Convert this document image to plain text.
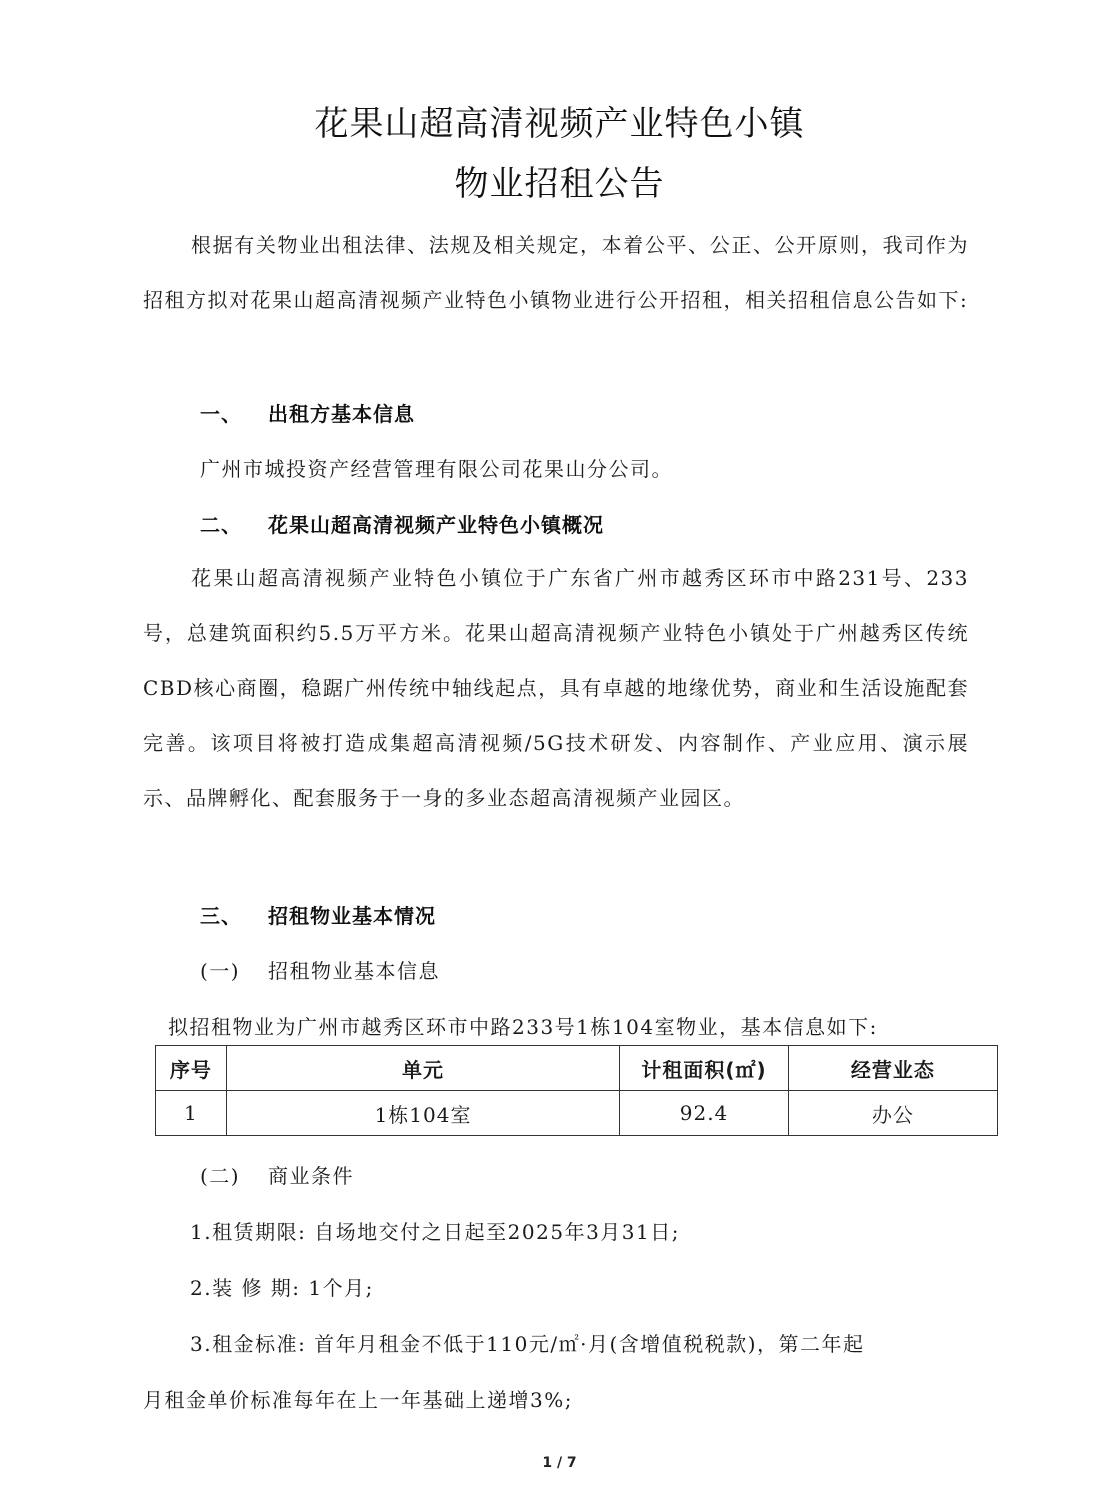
花果山超高清视频产业特色小镇
物业招租公告
根据有关物业出租法律、法规及相关规定，本着公平、公正、公开原则，我司作为招租方拟对花果山超高清视频产业特色小镇物业进行公开招租，相关招租信息公告如下:
一、 出租方基本信息
广州市城投资产经营管理有限公司花果山分公司。
二、 花果山超高清视频产业特色小镇概况
花果山超高清视频产业特色小镇位于广东省广州市越秀区环市中路231号、233号，总建筑面积约5.5万平方米。花果山超高清视频产业特色小镇处于广州越秀区传统CBD核心商圈，稳踞广州传统中轴线起点，具有卓越的地缘优势，商业和生活设施配套完善。该项目将被打造成集超高清视频/5G技术研发、内容制作、产业应用、演示展示、品牌孵化、配套服务于一身的多业态超高清视频产业园区。
三、 招租物业基本情况
(一) 招租物业基本信息
拟招租物业为广州市越秀区环市中路233号1栋104室物业，基本信息如下:
序号	单元	计租面积(㎡)	经营业态
1	1栋104室	92.4	办公
(二) 商业条件
1.租赁期限: 自场地交付之日起至2025年3月31日;
2.装 修 期: 1个月;
3.租金标准: 首年月租金不低于110元/㎡·月(含增值税税款)，第二年起
月租金单价标准每年在上一年基础上递增3%;
1 / 7
